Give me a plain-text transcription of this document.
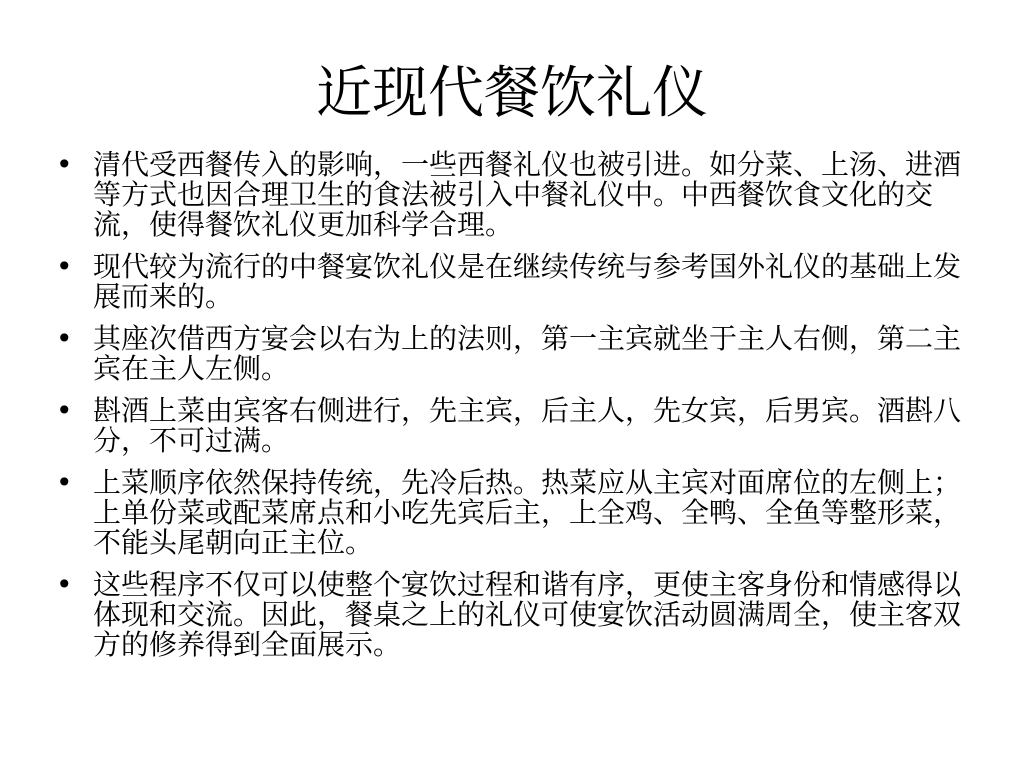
近现代餐饮礼仪
• 清代受西餐传入的影响，一些西餐礼仪也被引进。如分菜、上汤、进酒等方式也因合理卫生的食法被引入中餐礼仪中。中西餐饮食文化的交流，使得餐饮礼仪更加科学合理。
• 现代较为流行的中餐宴饮礼仪是在继续传统与参考国外礼仪的基础上发展而来的。
• 其座次借西方宴会以右为上的法则，第一主宾就坐于主人右侧，第二主宾在主人左侧。
• 斟酒上菜由宾客右侧进行，先主宾，后主人，先女宾，后男宾。酒斟八分，不可过满。
• 上菜顺序依然保持传统，先冷后热。热菜应从主宾对面席位的左侧上；上单份菜或配菜席点和小吃先宾后主，上全鸡、全鸭、全鱼等整形菜，不能头尾朝向正主位。
• 这些程序不仅可以使整个宴饮过程和谐有序，更使主客身份和情感得以体现和交流。因此，餐桌之上的礼仪可使宴饮活动圆满周全，使主客双方的修养得到全面展示。
